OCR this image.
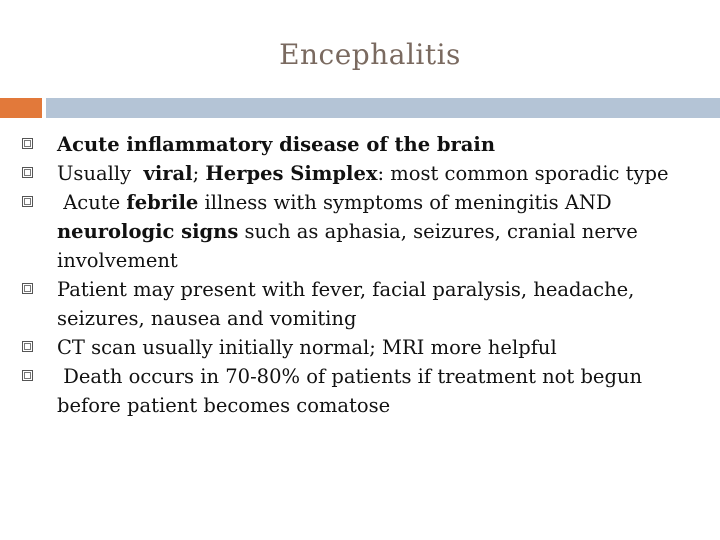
Encephalitis
Acute inflammatory disease of the brain
Usually  viral; Herpes Simplex: most common sporadic type
Acute febrile illness with symptoms of meningitis AND neurologic signs such as aphasia, seizures, cranial nerve involvement
Patient may present with fever, facial paralysis, headache, seizures, nausea and vomiting
CT scan usually initially normal; MRI more helpful
Death occurs in 70-80% of patients if treatment not begun before patient becomes comatose
